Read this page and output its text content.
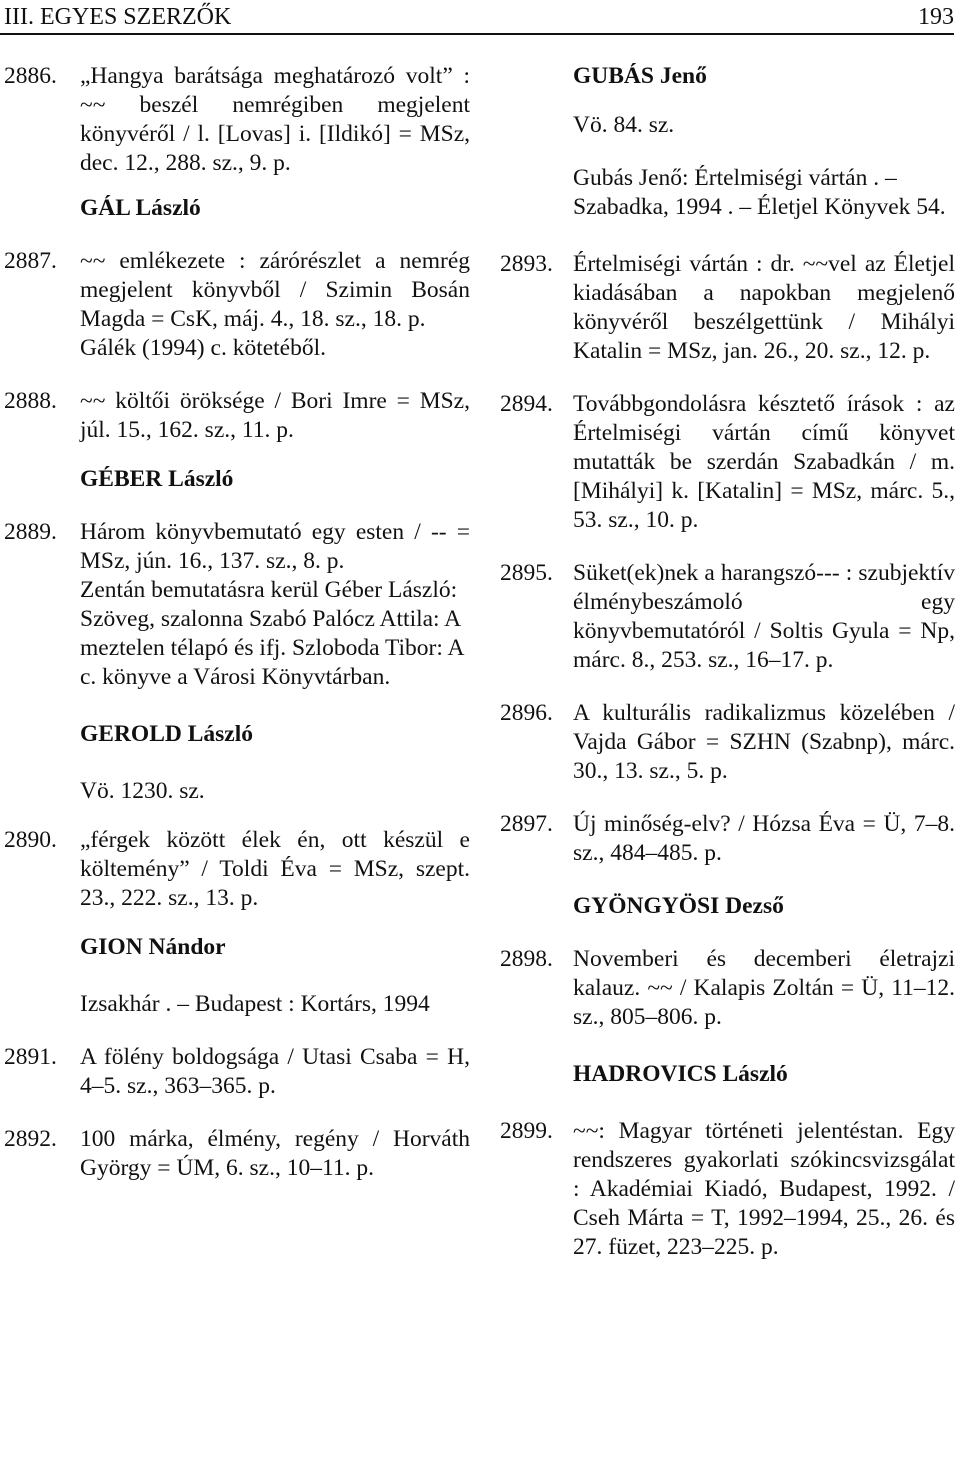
III. EGYES SZERZŐK	193
2886. „Hangya barátsága meghatározó volt” : ~~ beszél nemrégiben megjelent könyvéről / l. [Lovas] i. [Ildikó] = MSz, dec. 12., 288. sz., 9. p.
GÁL László
2887. ~~ emlékezete : zárórészlet a nemrég megjelent könyvből / Szimin Bosán Magda = CsK, máj. 4., 18. sz., 18. p.
Gálék (1994) c. kötetéből.
2888. ~~ költői öröksége / Bori Imre = MSz, júl. 15., 162. sz., 11. p.
GÉBER László
2889. Három könyvbemutató egy esten / -- = MSz, jún. 16., 137. sz., 8. p.
Zentán bemutatásra kerül Géber László: Szöveg, szalonna Szabó Palócz Attila: A meztelen télapó és ifj. Szloboda Tibor: A c. könyve a Városi Könyvtárban.
GEROLD László
Vö. 1230. sz.
2890. „férgek között élek én, ott készül e költemény” / Toldi Éva = MSz, szept. 23., 222. sz., 13. p.
GION Nándor
Izsakhár . – Budapest : Kortárs, 1994
2891. A fölény boldogsága / Utasi Csaba = H, 4–5. sz., 363–365. p.
2892. 100 márka, élmény, regény / Horváth György = ÚM, 6. sz., 10–11. p.
GUBÁS Jenő
Vö. 84. sz.
Gubás Jenő: Értelmiségi vártán . – Szabadka, 1994 . – Életjel Könyvek 54.
2893. Értelmiségi vártán : dr. ~~vel az Életjel kiadásában a napokban megjelenő könyvéről beszélgettünk / Mihályi Katalin = MSz, jan. 26., 20. sz., 12. p.
2894. Továbbgondolásra késztető írások : az Értelmiségi vártán című könyvet mutatták be szerdán Szabadkán / m. [Mihályi] k. [Katalin] = MSz, márc. 5., 53. sz., 10. p.
2895. Süket(ek)nek a harangszó--- : szubjektív élménybeszámoló egy könyvbemutatóról / Soltis Gyula = Np, márc. 8., 253. sz., 16–17. p.
2896. A kulturális radikalizmus közelében / Vajda Gábor = SZHN (Szabnp), márc. 30., 13. sz., 5. p.
2897. Új minőség-elv? / Hózsa Éva = Ü, 7–8. sz., 484–485. p.
GYÖNGYÖSI Dezső
2898. Novemberi és decemberi életrajzi kalauz. ~~ / Kalapis Zoltán = Ü, 11–12. sz., 805–806. p.
HADROVICS László
2899. ~~: Magyar történeti jelentéstan. Egy rendszeres gyakorlati szókincsvizsgálat : Akadémiai Kiadó, Budapest, 1992. / Cseh Márta = T, 1992–1994, 25., 26. és 27. füzet, 223–225. p.
